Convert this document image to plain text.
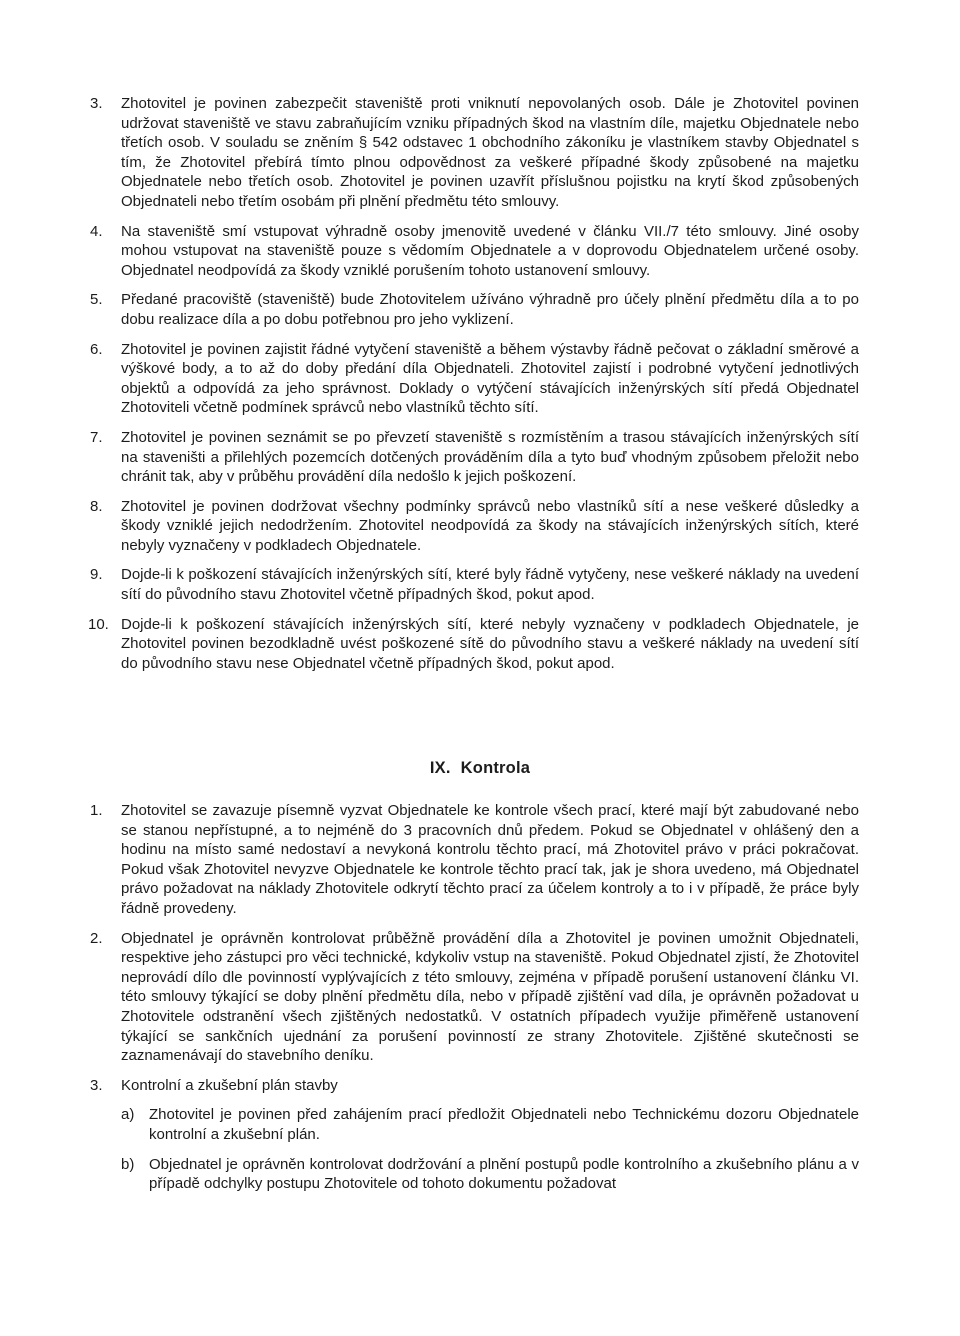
3. Zhotovitel je povinen zabezpečit staveniště proti vniknutí nepovolaných osob. Dále je Zhotovitel povinen udržovat staveniště ve stavu zabraňujícím vzniku případných škod na vlastním díle, majetku Objednatele nebo třetích osob. V souladu se zněním § 542 odstavec 1 obchodního zákoníku je vlastníkem stavby Objednatel s tím, že Zhotovitel přebírá tímto plnou odpovědnost za veškeré případné škody způsobené na majetku Objednatele nebo třetích osob. Zhotovitel je povinen uzavřít příslušnou pojistku na krytí škod způsobených Objednateli nebo třetím osobám při plnění předmětu této smlouvy.
4. Na staveniště smí vstupovat výhradně osoby jmenovitě uvedené v článku VII./7 této smlouvy. Jiné osoby mohou vstupovat na staveniště pouze s vědomím Objednatele a v doprovodu Objednatelem určené osoby. Objednatel neodpovídá za škody vzniklé porušením tohoto ustanovení smlouvy.
5. Předané pracoviště (staveniště) bude Zhotovitelem užíváno výhradně pro účely plnění předmětu díla a to po dobu realizace díla a po dobu potřebnou pro jeho vyklizení.
6. Zhotovitel je povinen zajistit řádné vytyčení staveniště a během výstavby řádně pečovat o základní směrové a výškové body, a to až do doby předání díla Objednateli. Zhotovitel zajistí i podrobné vytyčení jednotlivých objektů a odpovídá za jeho správnost. Doklady o vytýčení stávajících inženýrských sítí předá Objednatel Zhotoviteli včetně podmínek správců nebo vlastníků těchto sítí.
7. Zhotovitel je povinen seznámit se po převzetí staveniště s rozmístěním a trasou stávajících inženýrských sítí na staveništi a přilehlých pozemcích dotčených prováděním díla a tyto buď vhodným způsobem přeložit nebo chránit tak, aby v průběhu provádění díla nedošlo k jejich poškození.
8. Zhotovitel je povinen dodržovat všechny podmínky správců nebo vlastníků sítí a nese veškeré důsledky a škody vzniklé jejich nedodržením. Zhotovitel neodpovídá za škody na stávajících inženýrských sítích, které nebyly vyznačeny v podkladech Objednatele.
9. Dojde-li k poškození stávajících inženýrských sítí, které byly řádně vytyčeny, nese veškeré náklady na uvedení sítí do původního stavu Zhotovitel včetně případných škod, pokut apod.
10. Dojde-li k poškození stávajících inženýrských sítí, které nebyly vyznačeny v podkladech Objednatele, je Zhotovitel povinen bezodkladně uvést poškozené sítě do původního stavu a veškeré náklady na uvedení sítí do původního stavu nese Objednatel včetně případných škod, pokut apod.
IX. Kontrola
1. Zhotovitel se zavazuje písemně vyzvat Objednatele ke kontrole všech prací, které mají být zabudované nebo se stanou nepřístupné, a to nejméně do 3 pracovních dnů předem. Pokud se Objednatel v ohlášený den a hodinu na místo samé nedostaví a nevykoná kontrolu těchto prací, má Zhotovitel právo v práci pokračovat. Pokud však Zhotovitel nevyzve Objednatele ke kontrole těchto prací tak, jak je shora uvedeno, má Objednatel právo požadovat na náklady Zhotovitele odkrytí těchto prací za účelem kontroly a to i v případě, že práce byly řádně provedeny.
2. Objednatel je oprávněn kontrolovat průběžně provádění díla a Zhotovitel je povinen umožnit Objednateli, respektive jeho zástupci pro věci technické, kdykoliv vstup na staveniště. Pokud Objednatel zjistí, že Zhotovitel neprovádí dílo dle povinností vyplývajících z této smlouvy, zejména v případě porušení ustanovení článku VI. této smlouvy týkající se doby plnění předmětu díla, nebo v případě zjištění vad díla, je oprávněn požadovat u Zhotovitele odstranění všech zjištěných nedostatků. V ostatních případech využije přiměřeně ustanovení týkající se sankčních ujednání za porušení povinností ze strany Zhotovitele. Zjištěné skutečnosti se zaznamenávají do stavebního deníku.
3. Kontrolní a zkušební plán stavby
a) Zhotovitel je povinen před zahájením prací předložit Objednateli nebo Technickému dozoru Objednatele kontrolní a zkušební plán.
b) Objednatel je oprávněn kontrolovat dodržování a plnění postupů podle kontrolního a zkušebního plánu a v případě odchylky postupu Zhotovitele od tohoto dokumentu požadovat
